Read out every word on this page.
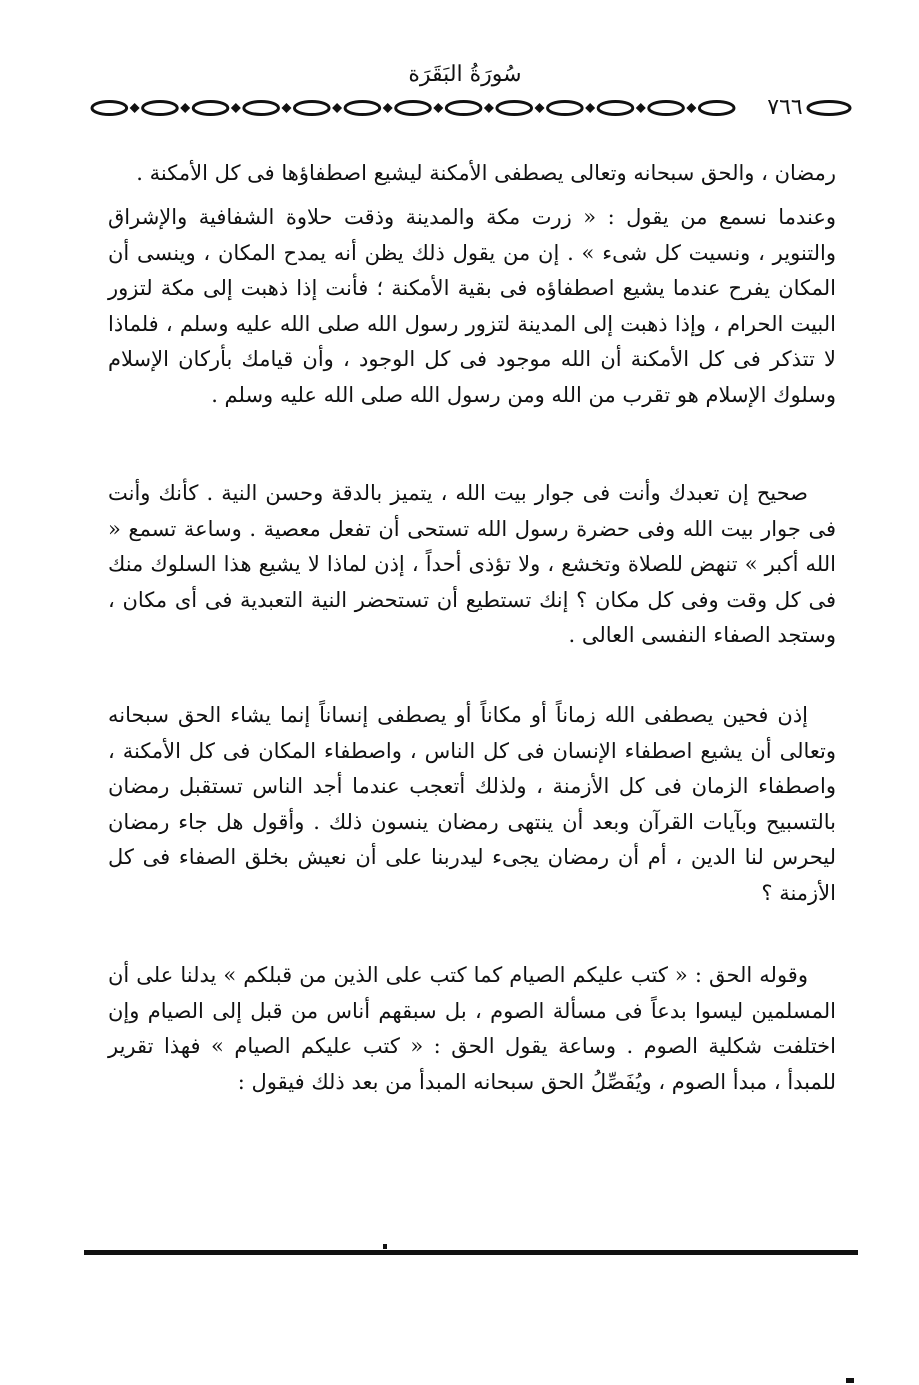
سُورَةُ البَقَرَة
٧٦٦

رمضان ، والحق سبحانه وتعالى يصطفى الأمكنة ليشيع اصطفاؤها فى كل الأمكنة .

وعندما نسمع من يقول : « زرت مكة والمدينة وذقت حلاوة الشفافية والإشراق والتنوير ، ونسيت كل شىء » . إن من يقول ذلك يظن أنه يمدح المكان ، وينسى أن المكان يفرح عندما يشيع اصطفاؤه فى بقية الأمكنة ؛ فأنت إذا ذهبت إلى مكة لتزور البيت الحرام ، وإذا ذهبت إلى المدينة لتزور رسول الله صلى الله عليه وسلم ، فلماذا لا تتذكر فى كل الأمكنة أن الله موجود فى كل الوجود ، وأن قيامك بأركان الإسلام وسلوك الإسلام هو تقرب من الله ومن رسول الله صلى الله عليه وسلم .

صحيح إن تعبدك وأنت فى جوار بيت الله ، يتميز بالدقة وحسن النية . كأنك وأنت فى جوار بيت الله وفى حضرة رسول الله تستحى أن تفعل معصية . وساعة تسمع « الله أكبر » تنهض للصلاة وتخشع ، ولا تؤذى أحداً ، إذن لماذا لا يشيع هذا السلوك منك فى كل وقت وفى كل مكان ؟ إنك تستطيع أن تستحضر النية التعبدية فى أى مكان ، وستجد الصفاء النفسى العالى .

إذن فحين يصطفى الله زماناً أو مكاناً أو يصطفى إنساناً إنما يشاء الحق سبحانه وتعالى أن يشيع اصطفاء الإنسان فى كل الناس ، واصطفاء المكان فى كل الأمكنة ، واصطفاء الزمان فى كل الأزمنة ، ولذلك أتعجب عندما أجد الناس تستقبل رمضان بالتسبيح وبآيات القرآن وبعد أن ينتهى رمضان ينسون ذلك . وأقول هل جاء رمضان ليحرس لنا الدين ، أم أن رمضان يجىء ليدربنا على أن نعيش بخلق الصفاء فى كل الأزمنة ؟

وقوله الحق : « كتب عليكم الصيام كما كتب على الذين من قبلكم » يدلنا على أن المسلمين ليسوا بدعاً فى مسألة الصوم ، بل سبقهم أناس من قبل إلى الصيام وإن اختلفت شكلية الصوم . وساعة يقول الحق : « كتب عليكم الصيام » فهذا تقرير للمبدأ ، مبدأ الصوم ، ويُفَصِّلُ الحق سبحانه المبدأ من بعد ذلك فيقول :
